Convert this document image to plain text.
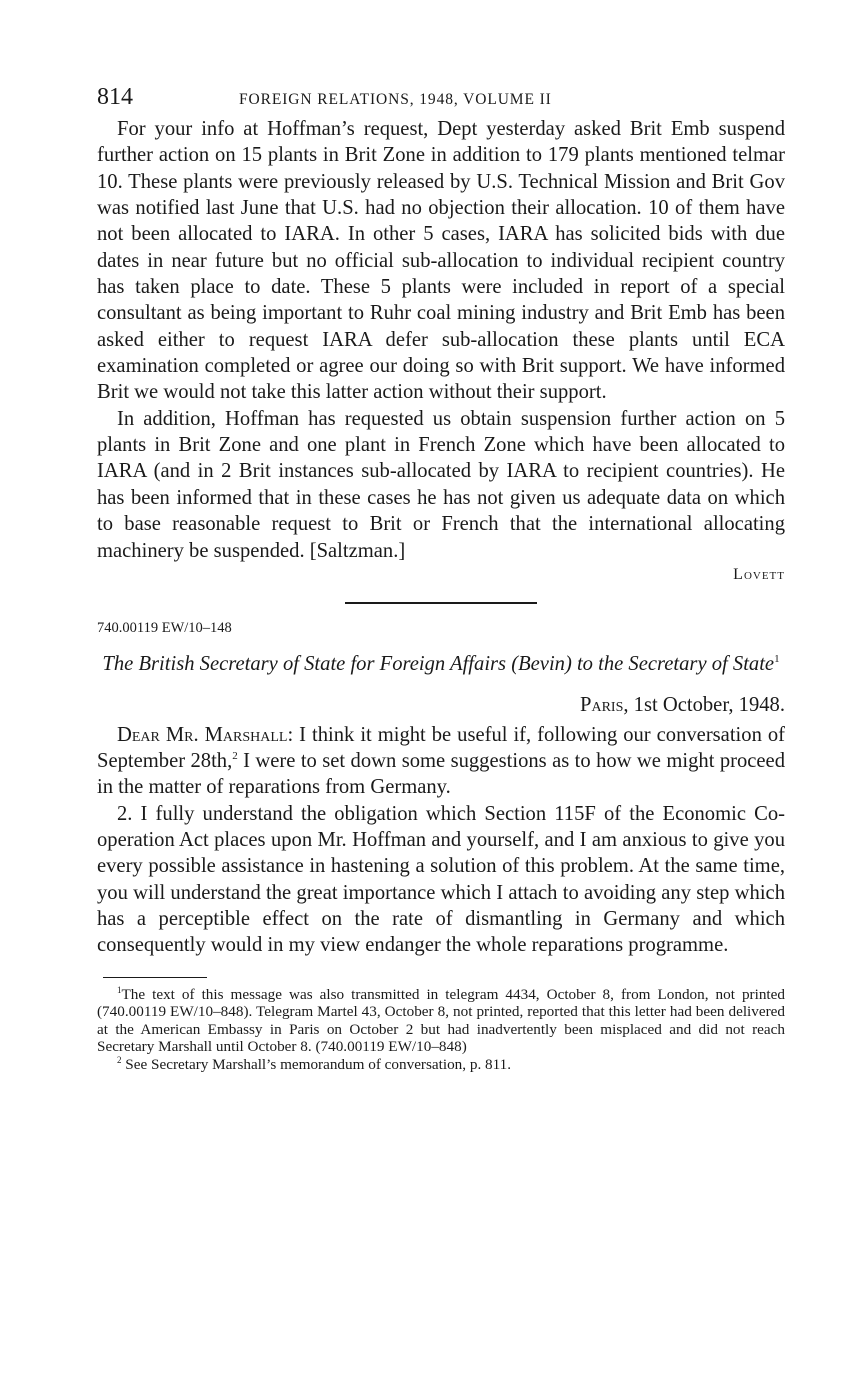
814	FOREIGN RELATIONS, 1948, VOLUME II

For your info at Hoffman’s request, Dept yesterday asked Brit Emb suspend further action on 15 plants in Brit Zone in addition to 179 plants mentioned telmar 10. These plants were previously released by U.S. Technical Mission and Brit Gov was notified last June that U.S. had no objection their allocation. 10 of them have not been allocated to IARA. In other 5 cases, IARA has solicited bids with due dates in near future but no official sub-allocation to individual recipient country has taken place to date. These 5 plants were included in report of a special consultant as being important to Ruhr coal mining industry and Brit Emb has been asked either to request IARA defer sub-allocation these plants until ECA examination completed or agree our doing so with Brit support. We have informed Brit we would not take this latter action without their support.

In addition, Hoffman has requested us obtain suspension further action on 5 plants in Brit Zone and one plant in French Zone which have been allocated to IARA (and in 2 Brit instances sub-allocated by IARA to recipient countries). He has been informed that in these cases he has not given us adequate data on which to base reasonable request to Brit or French that the international allocating machinery be suspended. [Saltzman.]

Lovett
740.00119 EW/10–148

The British Secretary of State for Foreign Affairs (Bevin) to the Secretary of State$^1$

Paris, 1st October, 1948.

Dear Mr. Marshall: I think it might be useful if, following our conversation of September 28th,$^2$ I were to set down some suggestions as to how we might proceed in the matter of reparations from Germany.

2. I fully understand the obligation which Section 115F of the Economic Co-operation Act places upon Mr. Hoffman and yourself, and I am anxious to give you every possible assistance in hastening a solution of this problem. At the same time, you will understand the great importance which I attach to avoiding any step which has a perceptible effect on the rate of dismantling in Germany and which consequently would in my view endanger the whole reparations programme.

$^1$The text of this message was also transmitted in telegram 4434, October 8, from London, not printed (740.00119 EW/10–848). Telegram Martel 43, October 8, not printed, reported that this letter had been delivered at the American Embassy in Paris on October 2 but had inadvertently been misplaced and did not reach Secretary Marshall until October 8. (740.00119 EW/10–848)

$^2$ See Secretary Marshall’s memorandum of conversation, p. 811.
